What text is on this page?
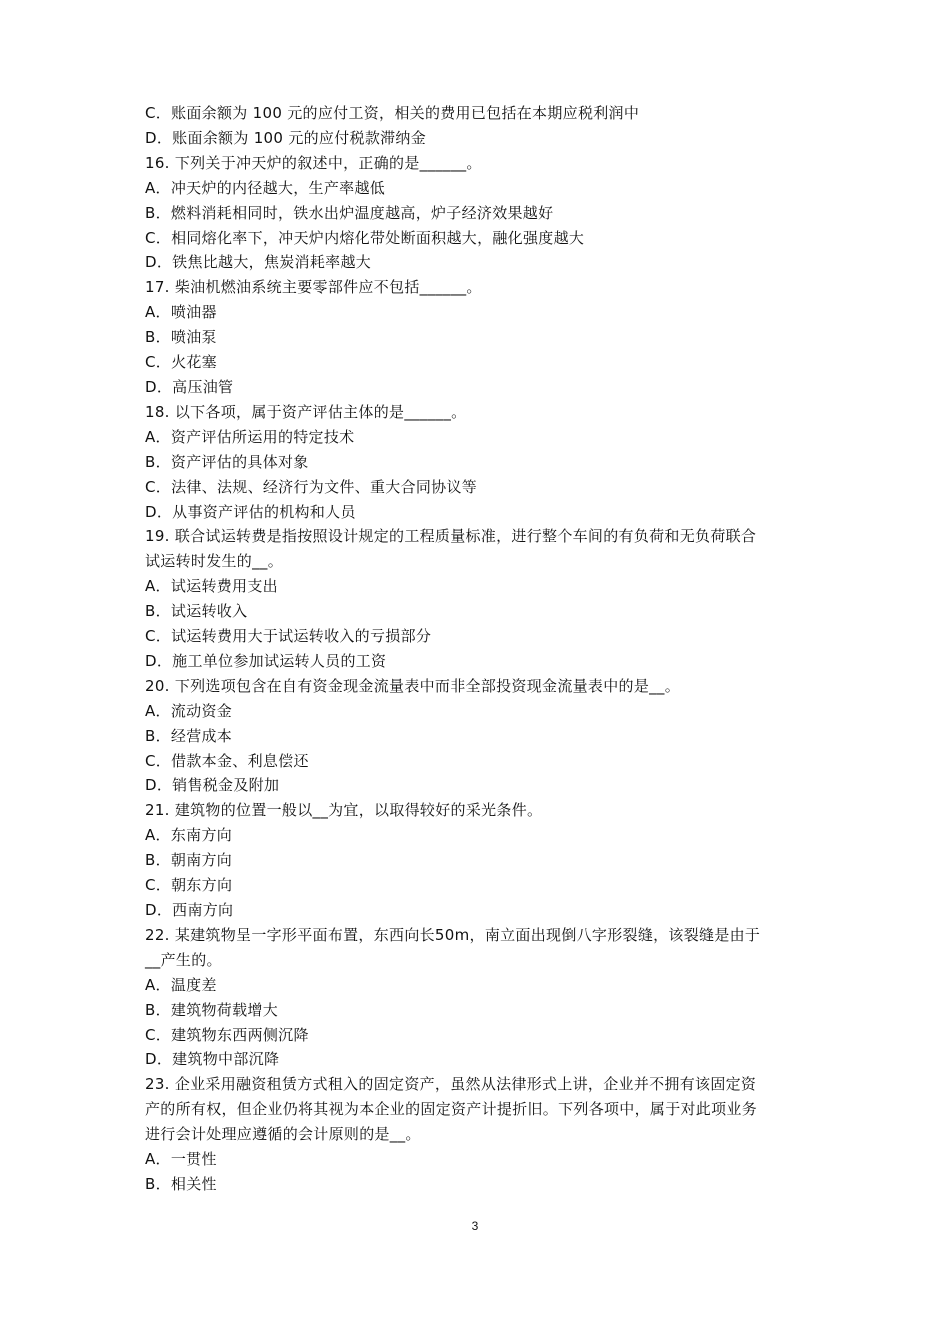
C．账面余额为 100 元的应付工资，相关的费用已包括在本期应税利润中
D．账面余额为 100 元的应付税款滞纳金
16. 下列关于冲天炉的叙述中，正确的是______。
A．冲天炉的内径越大，生产率越低
B．燃料消耗相同时，铁水出炉温度越高，炉子经济效果越好
C．相同熔化率下，冲天炉内熔化带处断面积越大，融化强度越大
D．铁焦比越大，焦炭消耗率越大
17. 柴油机燃油系统主要零部件应不包括______。
A．喷油器
B．喷油泵
C．火花塞
D．高压油管
18. 以下各项，属于资产评估主体的是______。
A．资产评估所运用的特定技术
B．资产评估的具体对象
C．法律、法规、经济行为文件、重大合同协议等
D．从事资产评估的机构和人员
19. 联合试运转费是指按照设计规定的工程质量标准，进行整个车间的有负荷和无负荷联合
试运转时发生的__。
A．试运转费用支出
B．试运转收入
C．试运转费用大于试运转收入的亏损部分
D．施工单位参加试运转人员的工资
20. 下列选项包含在自有资金现金流量表中而非全部投资现金流量表中的是__。
A．流动资金
B．经营成本
C．借款本金、利息偿还
D．销售税金及附加
21. 建筑物的位置一般以__为宜，以取得较好的采光条件。
A．东南方向
B．朝南方向
C．朝东方向
D．西南方向
22. 某建筑物呈一字形平面布置，东西向长50m，南立面出现倒八字形裂缝，该裂缝是由于
__产生的。
A．温度差
B．建筑物荷载增大
C．建筑物东西两侧沉降
D．建筑物中部沉降
23. 企业采用融资租赁方式租入的固定资产，虽然从法律形式上讲，企业并不拥有该固定资
产的所有权，但企业仍将其视为本企业的固定资产计提折旧。下列各项中，属于对此项业务
进行会计处理应遵循的会计原则的是__。
A．一贯性
B．相关性
3
